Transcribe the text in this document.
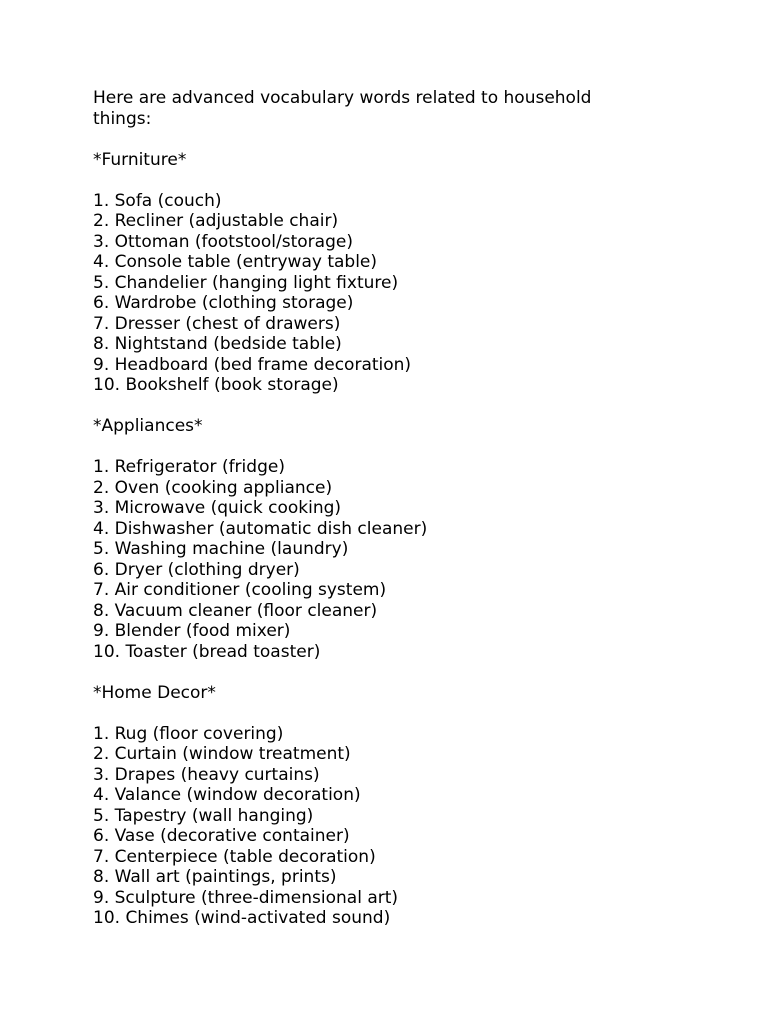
Here are advanced vocabulary words related to household
things:
*Furniture*
1. Sofa (couch)
2. Recliner (adjustable chair)
3. Ottoman (footstool/storage)
4. Console table (entryway table)
5. Chandelier (hanging light fixture)
6. Wardrobe (clothing storage)
7. Dresser (chest of drawers)
8. Nightstand (bedside table)
9. Headboard (bed frame decoration)
10. Bookshelf (book storage)
*Appliances*
1. Refrigerator (fridge)
2. Oven (cooking appliance)
3. Microwave (quick cooking)
4. Dishwasher (automatic dish cleaner)
5. Washing machine (laundry)
6. Dryer (clothing dryer)
7. Air conditioner (cooling system)
8. Vacuum cleaner (floor cleaner)
9. Blender (food mixer)
10. Toaster (bread toaster)
*Home Decor*
1. Rug (floor covering)
2. Curtain (window treatment)
3. Drapes (heavy curtains)
4. Valance (window decoration)
5. Tapestry (wall hanging)
6. Vase (decorative container)
7. Centerpiece (table decoration)
8. Wall art (paintings, prints)
9. Sculpture (three-dimensional art)
10. Chimes (wind-activated sound)
